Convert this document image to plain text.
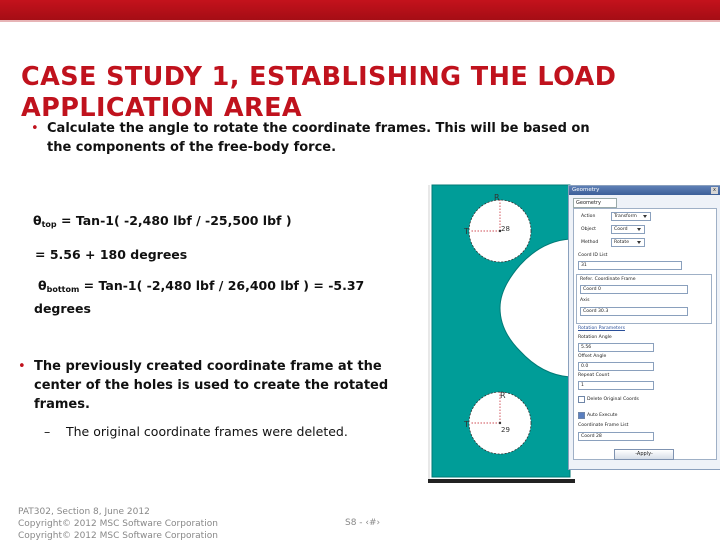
CASE STUDY 1, ESTABLISHING THE LOAD APPLICATION AREA
• Calculate the angle to rotate the coordinate frames. This will be based on the components of the free-body force.
$\theta_{top} = Tan-1$( -2,480 lbf / -25,500 lbf )
= 5.56 + 180 degrees
$\theta_{bottom} = Tan-1$( -2,480 lbf / 26,400 lbf ) = -5.37
degrees
• The previously created coordinate frame at the center of the holes is used to create the rotated frames.
– The original coordinate frames were deleted.
R
T	28
R
T
29
Geometry	x
Geometry
Action	Transform
Object	Coord
Method	Rotate
Coord ID List
31
Refer. Coordinate Frame
Coord 0
Axis
Coord 30.3
Rotation Parameters
Rotation Angle
5.56
Offset Angle
0.0
Repeat Count
1
Delete Original Coords
Auto Execute
Coordinate Frame List
Coord 28
-Apply-
PAT302, Section 8, June 2012
Copyright© 2012 MSC Software Corporation
Copyright© 2012 MSC Software Corporation
S8 - ‹#›
